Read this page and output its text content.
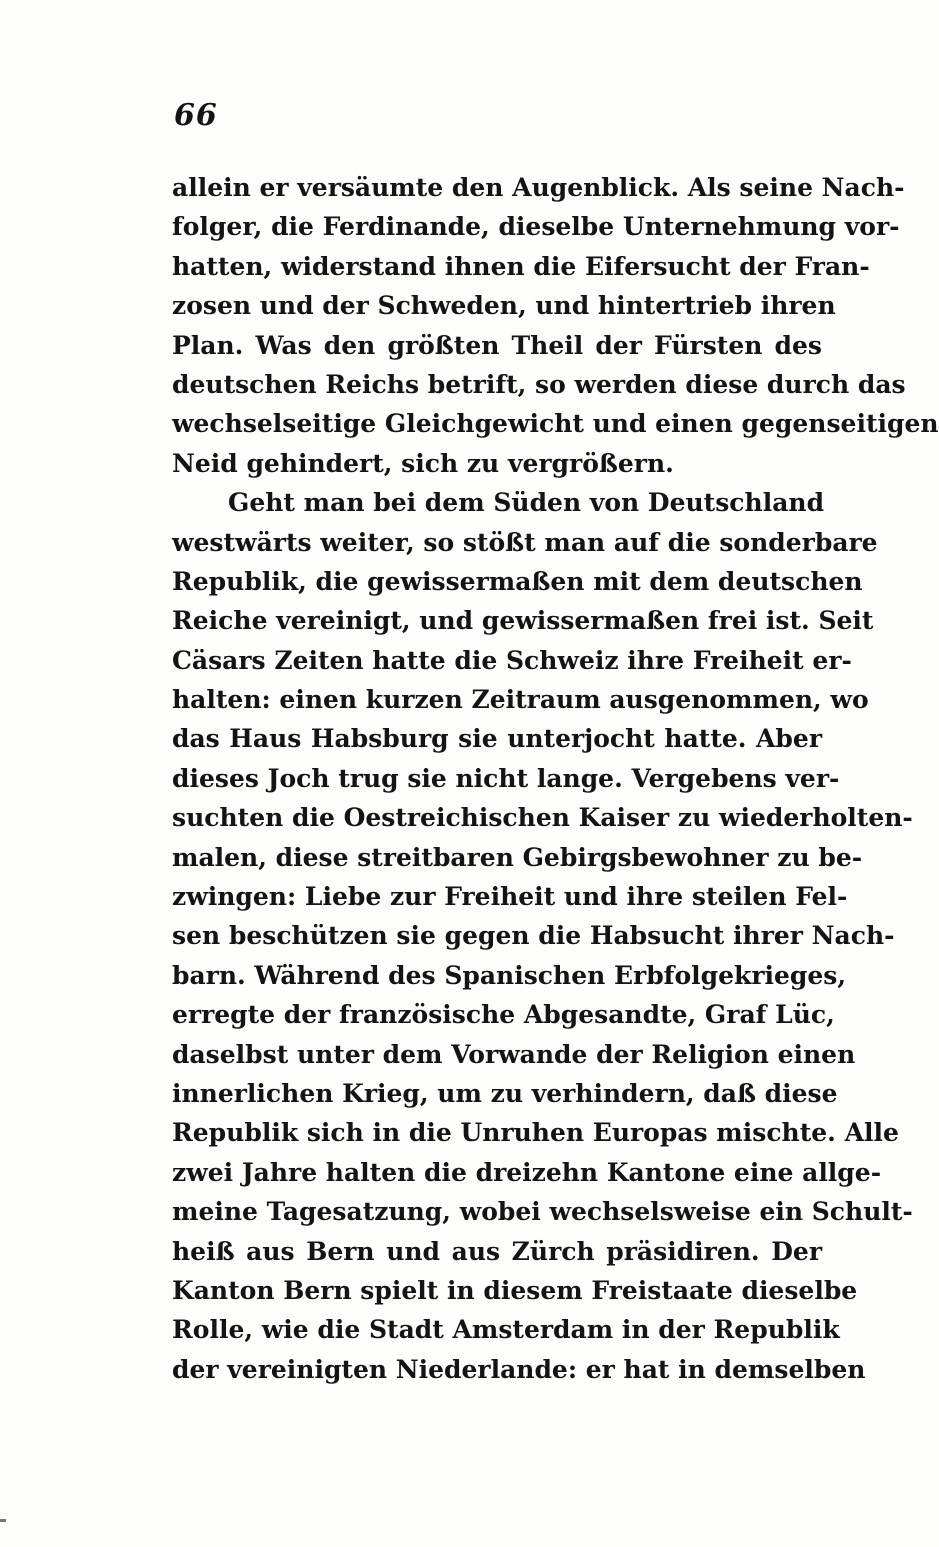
66
allein er versäumte den Augenblick. Als seine Nach-
folger, die Ferdinande, dieselbe Unternehmung vor-
hatten, widerstand ihnen die Eifersucht der Fran-
zosen und der Schweden, und hintertrieb ihren
Plan. Was den größten Theil der Fürsten des
deutschen Reichs betrift, so werden diese durch das
wechselseitige Gleichgewicht und einen gegenseitigen
Neid gehindert, sich zu vergrößern.
Geht man bei dem Süden von Deutschland
westwärts weiter, so stößt man auf die sonderbare
Republik, die gewissermaßen mit dem deutschen
Reiche vereinigt, und gewissermaßen frei ist. Seit
Cäsars Zeiten hatte die Schweiz ihre Freiheit er-
halten: einen kurzen Zeitraum ausgenommen, wo
das Haus Habsburg sie unterjocht hatte. Aber
dieses Joch trug sie nicht lange. Vergebens ver-
suchten die Oestreichischen Kaiser zu wiederholten-
malen, diese streitbaren Gebirgsbewohner zu be-
zwingen: Liebe zur Freiheit und ihre steilen Fel-
sen beschützen sie gegen die Habsucht ihrer Nach-
barn. Während des Spanischen Erbfolgekrieges,
erregte der französische Abgesandte, Graf Lüc,
daselbst unter dem Vorwande der Religion einen
innerlichen Krieg, um zu verhindern, daß diese
Republik sich in die Unruhen Europas mischte. Alle
zwei Jahre halten die dreizehn Kantone eine allge-
meine Tagesatzung, wobei wechselsweise ein Schult-
heiß aus Bern und aus Zürch präsidiren. Der
Kanton Bern spielt in diesem Freistaate dieselbe
Rolle, wie die Stadt Amsterdam in der Republik
der vereinigten Niederlande: er hat in demselben
